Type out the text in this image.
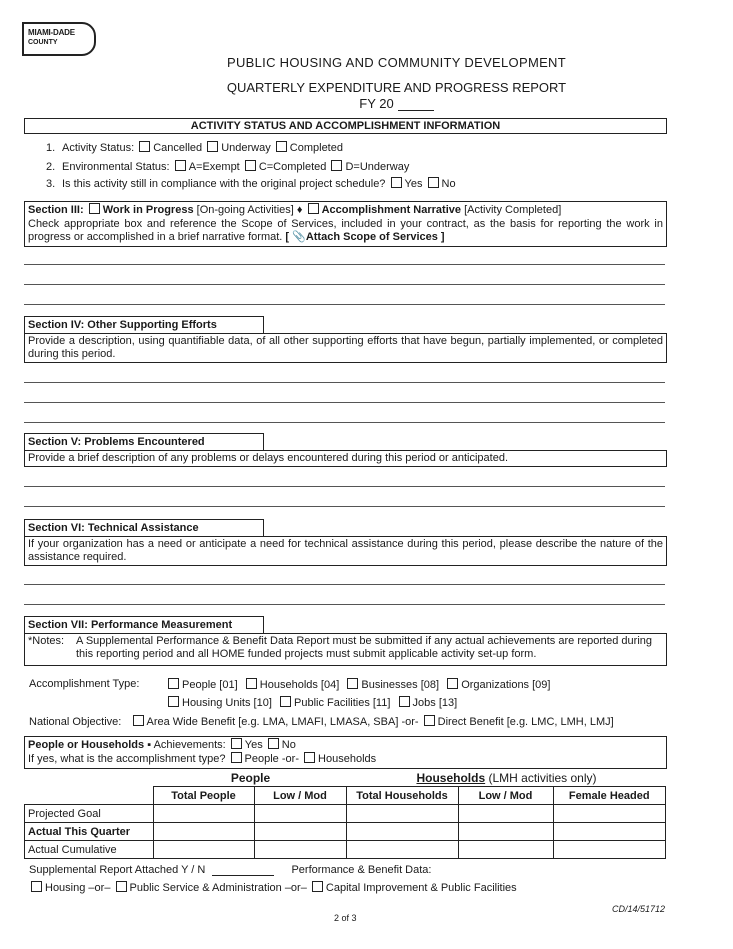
MIAMI-DADE
COUNTY
PUBLIC HOUSING AND COMMUNITY DEVELOPMENT
QUARTERLY EXPENDITURE AND PROGRESS REPORT
FY 20
ACTIVITY STATUS AND ACCOMPLISHMENT INFORMATION
1. Activity Status: Cancelled Underway Completed
2. Environmental Status: A=Exempt C=Completed D=Underway
3. Is this activity still in compliance with the original project schedule? Yes No
Section III: Work in Progress [On-going Activities] ♦ Accomplishment Narrative [Activity Completed]
Check appropriate box and reference the Scope of Services, included in your contract, as the basis for reporting the work in progress or accomplished in a brief narrative format. [ 📎Attach Scope of Services ]
Section IV: Other Supporting Efforts
Provide a description, using quantifiable data, of all other supporting efforts that have begun, partially implemented, or completed during this period.
Section V: Problems Encountered
Provide a brief description of any problems or delays encountered during this period or anticipated.
Section VI: Technical Assistance
If your organization has a need or anticipate a need for technical assistance during this period, please describe the nature of the assistance required.
Section VII: Performance Measurement
*Notes: A Supplemental Performance & Benefit Data Report must be submitted if any actual achievements are reported during this reporting period and all HOME funded projects must submit applicable activity set-up form.
Accomplishment Type:	People [01] Households [04] Businesses [08] Organizations [09]
Housing Units [10] Public Facilities [11] Jobs [13]
National Objective: Area Wide Benefit [e.g. LMA, LMAFI, LMASA, SBA] -or- Direct Benefit [e.g. LMC, LMH, LMJ]
People or Households ▪ Achievements: Yes No
If yes, what is the accomplishment type? People -or- Households
People	Households (LMH activities only)
	Total People	Low / Mod	Total Households	Low / Mod	Female Headed
Projected Goal					
Actual This Quarter					
Actual Cumulative					
Supplemental Report Attached Y / N	Performance & Benefit Data:
Housing –or– Public Service & Administration –or– Capital Improvement & Public Facilities
2 of 3
CD/14/51712
